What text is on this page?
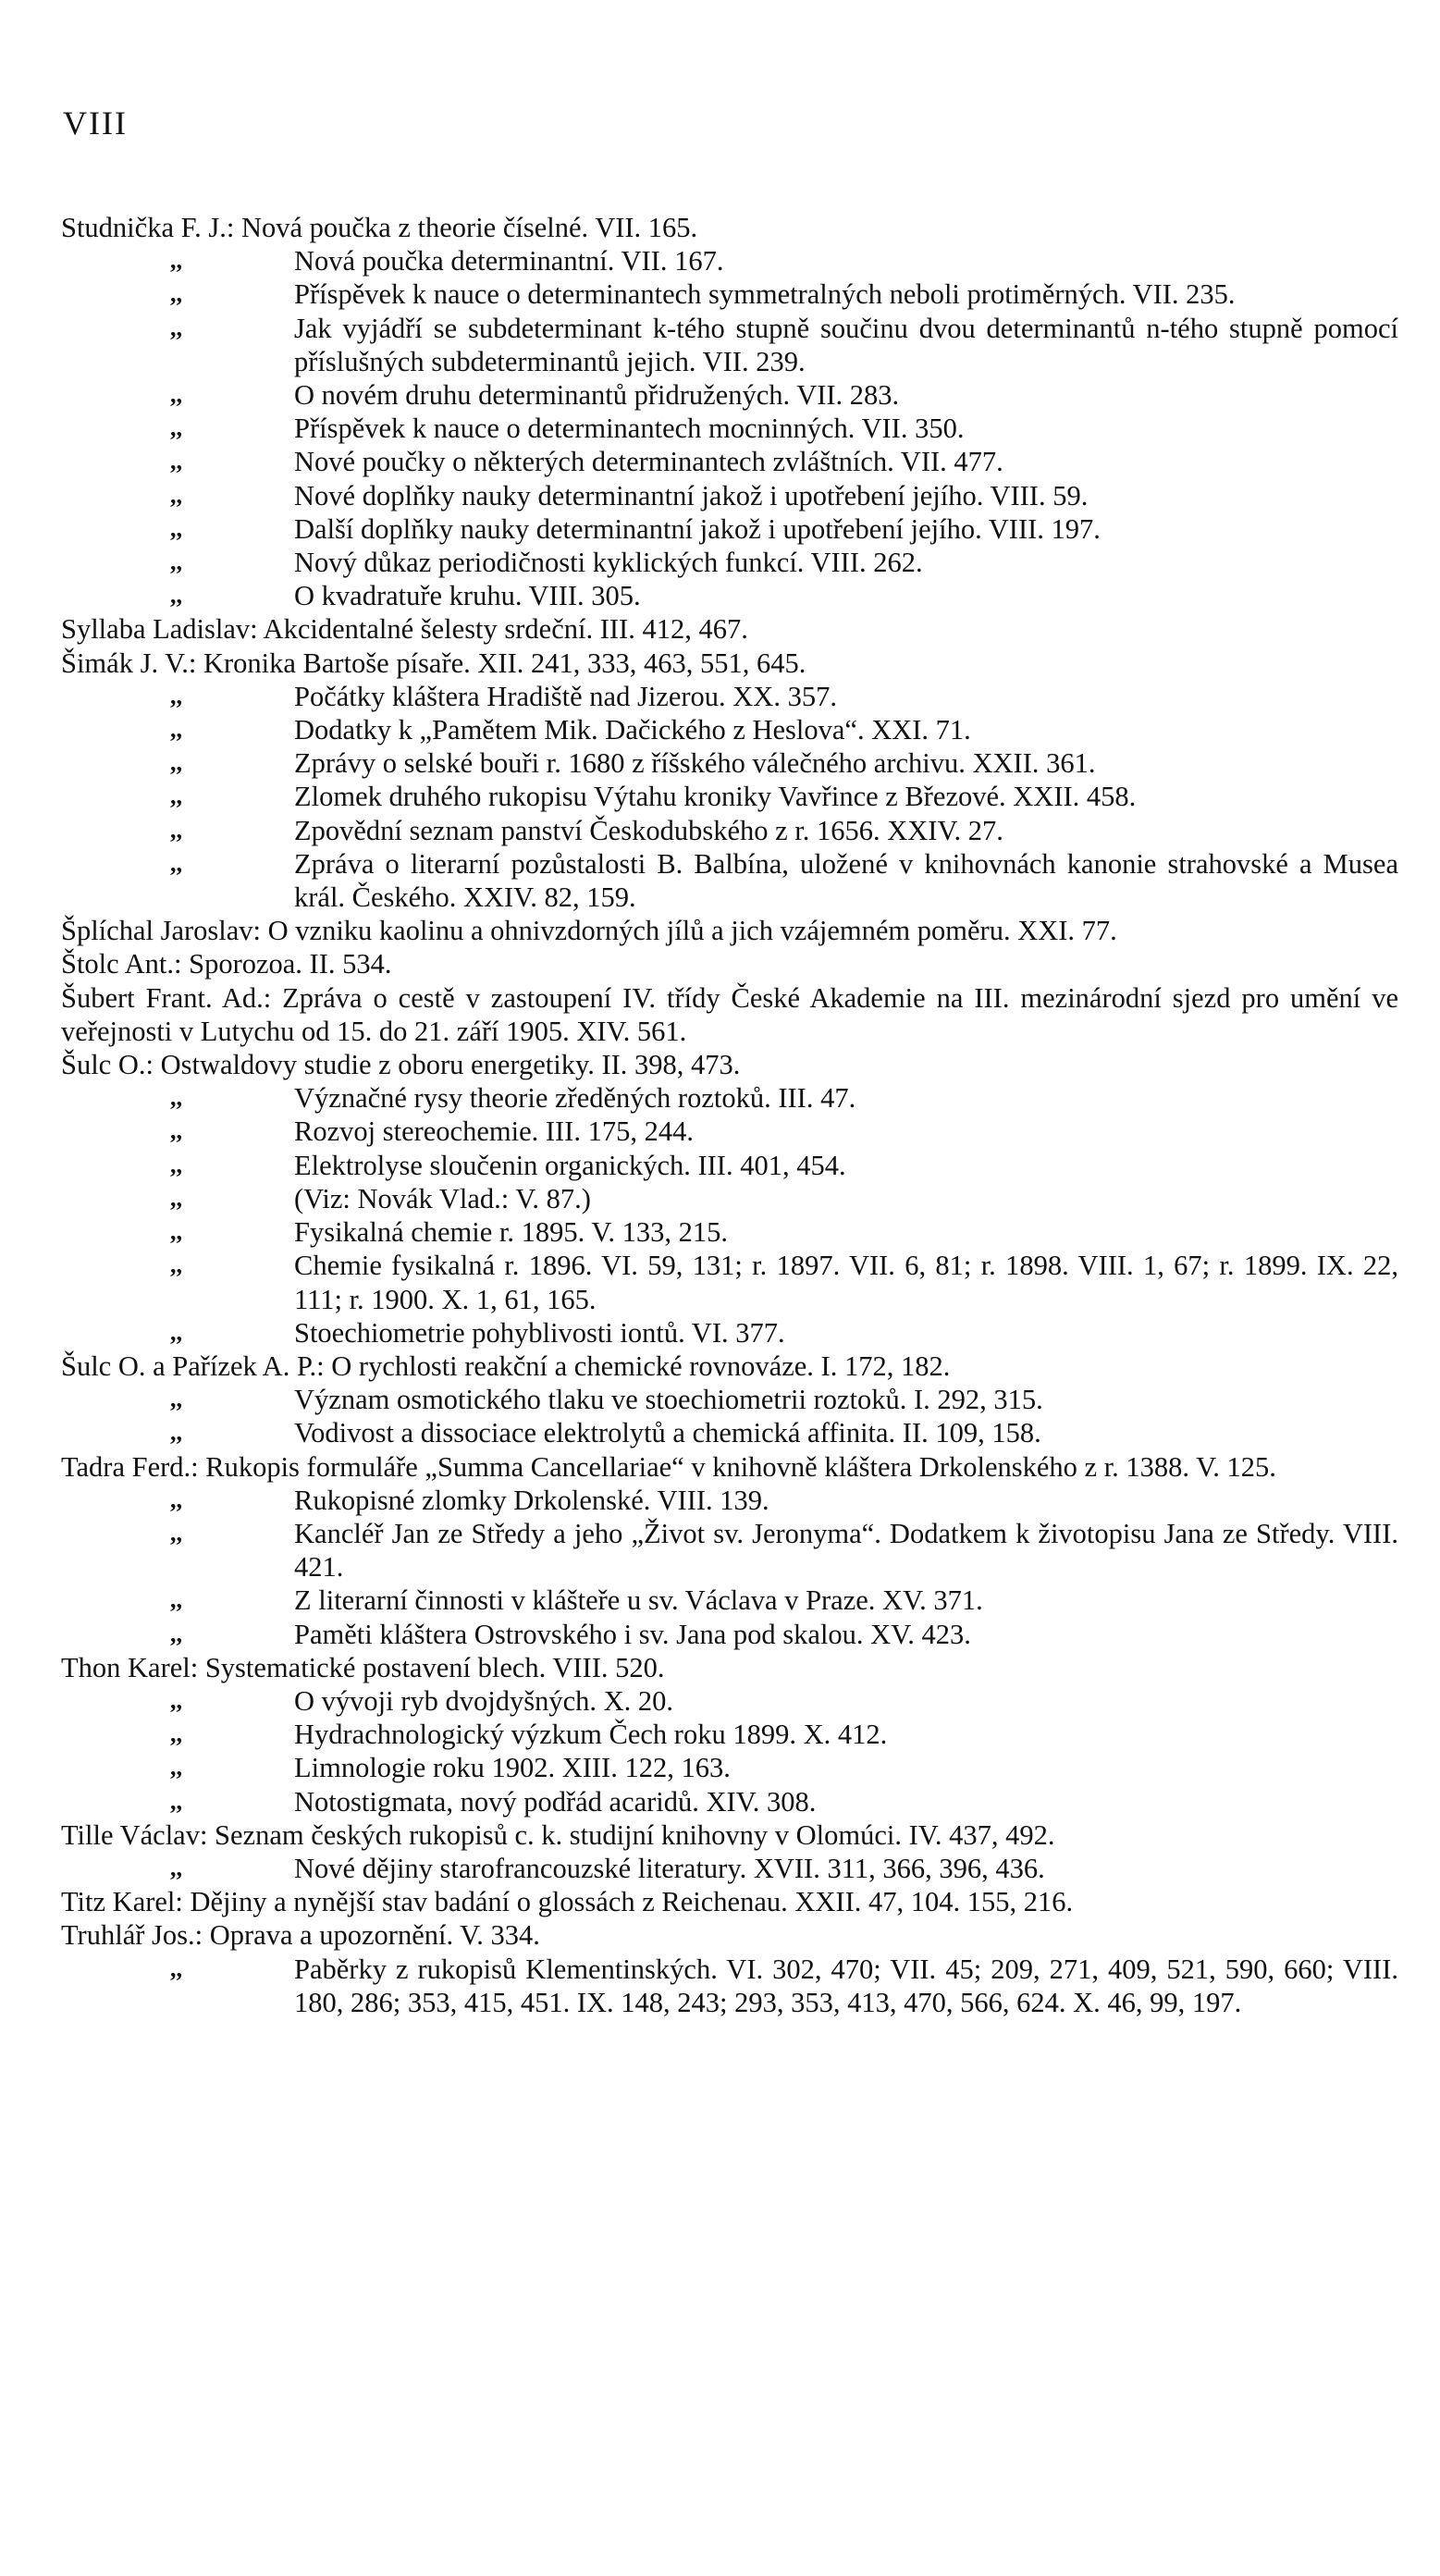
VIII
Studnička F. J.: Nová poučka z theorie číselné. VII. 165.
,,	Nová poučka determinantní. VII. 167.
,,	Příspěvek k nauce o determinantech symmetralných neboli protiměrných. VII. 235.
,,	Jak vyjádří se subdeterminant k-tého stupně součinu dvou determinantů n-tého stupně pomocí příslušných subdeterminantů jejich. VII. 239.
,,	O novém druhu determinantů přidružených. VII. 283.
,,	Příspěvek k nauce o determinantech mocninných. VII. 350.
,,	Nové poučky o některých determinantech zvláštních. VII. 477.
,,	Nové doplňky nauky determinantní jakož i upotřebení jejího. VIII. 59.
,,	Další doplňky nauky determinantní jakož i upotřebení jejího. VIII. 197.
,,	Nový důkaz periodičnosti kyklických funkcí. VIII. 262.
,,	O kvadratuře kruhu. VIII. 305.
Syllaba Ladislav: Akcidentalné šelesty srdeční. III. 412, 467.
Šimák J. V.: Kronika Bartoše písaře. XII. 241, 333, 463, 551, 645.
,,	Počátky kláštera Hradiště nad Jizerou. XX. 357.
,,	Dodatky k „Pamětem Mik. Dačického z Heslova“. XXI. 71.
,,	Zprávy o selské bouři r. 1680 z říšského válečného archivu. XXII. 361.
,,	Zlomek druhého rukopisu Výtahu kroniky Vavřince z Březové. XXII. 458.
,,	Zpovědní seznam panství Českodubského z r. 1656. XXIV. 27.
,,	Zpráva o literarní pozůstalosti B. Balbína, uložené v knihovnách kanonie strahovské a Musea král. Českého. XXIV. 82, 159.
Šplíchal Jaroslav: O vzniku kaolinu a ohnivzdorných jílů a jich vzájemném poměru. XXI. 77.
Štolc Ant.: Sporozoa. II. 534.
Šubert Frant. Ad.: Zpráva o cestě v zastoupení IV. třídy České Akademie na III. mezinárodní sjezd pro umění ve veřejnosti v Lutychu od 15. do 21. září 1905. XIV. 561.
Šulc O.: Ostwaldovy studie z oboru energetiky. II. 398, 473.
,,	Význačné rysy theorie zředěných roztoků. III. 47.
,,	Rozvoj stereochemie. III. 175, 244.
,,	Elektrolyse sloučenin organických. III. 401, 454.
,,	(Viz: Novák Vlad.: V. 87.)
,,	Fysikalná chemie r. 1895. V. 133, 215.
,,	Chemie fysikalná r. 1896. VI. 59, 131; r. 1897. VII. 6, 81; r. 1898. VIII. 1, 67; r. 1899. IX. 22, 111; r. 1900. X. 1, 61, 165.
,,	Stoechiometrie pohyblivosti iontů. VI. 377.
Šulc O. a Pařízek A. P.: O rychlosti reakční a chemické rovnováze. I. 172, 182.
,,	Význam osmotického tlaku ve stoechiometrii roztoků. I. 292, 315.
,,	Vodivost a dissociace elektrolytů a chemická affinita. II. 109, 158.
Tadra Ferd.: Rukopis formuláře „Summa Cancellariae“ v knihovně kláštera Drkolenského z r. 1388. V. 125.
,,	Rukopisné zlomky Drkolenské. VIII. 139.
,,	Kancléř Jan ze Středy a jeho „Život sv. Jeronyma“. Dodatkem k životopisu Jana ze Středy. VIII. 421.
,,	Z literarní činnosti v klášteře u sv. Václava v Praze. XV. 371.
,,	Paměti kláštera Ostrovského i sv. Jana pod skalou. XV. 423.
Thon Karel: Systematické postavení blech. VIII. 520.
,,	O vývoji ryb dvojdyšných. X. 20.
,,	Hydrachnologický výzkum Čech roku 1899. X. 412.
,,	Limnologie roku 1902. XIII. 122, 163.
,,	Notostigmata, nový podřád acaridů. XIV. 308.
Tille Václav: Seznam českých rukopisů c. k. studijní knihovny v Olomúci. IV. 437, 492.
,,	Nové dějiny starofrancouzské literatury. XVII. 311, 366, 396, 436.
Titz Karel: Dějiny a nynější stav badání o glossách z Reichenau. XXII. 47, 104. 155, 216.
Truhlář Jos.: Oprava a upozornění. V. 334.
,,	Paběrky z rukopisů Klementinských. VI. 302, 470; VII. 45; 209, 271, 409, 521, 590, 660; VIII. 180, 286; 353, 415, 451. IX. 148, 243; 293, 353, 413, 470, 566, 624. X. 46, 99, 197.
